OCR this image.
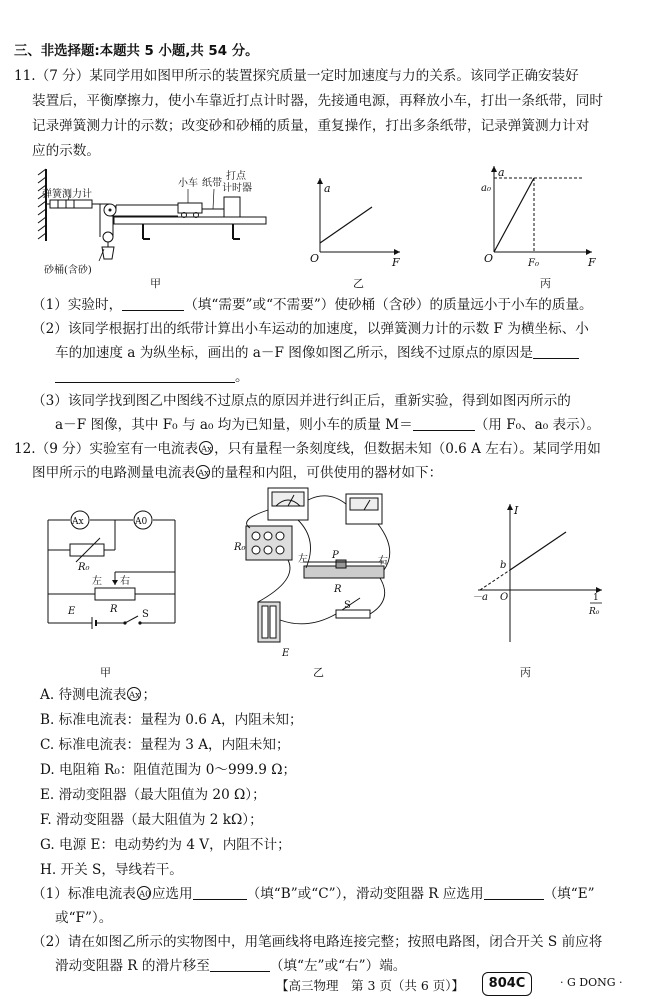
三、非选择题:本题共 5 小题,共 54 分。
11.（7 分）某同学用如图甲所示的装置探究质量一定时加速度与力的关系。该同学正确安装好
装置后，平衡摩擦力，使小车靠近打点计时器，先接通电源，再释放小车，打出一条纸带，同时
记录弹簧测力计的示数；改变砂和砂桶的质量，重复操作，打出多条纸带，记录弹簧测力计对
应的示数。
弹簧测力计
小车 纸带
打点
计时器
砂桶(含砂)
甲
a
F
O
乙
a
a₀
F₀	F
O
丙
（1）实验时，	（填“需要”或“不需要”）使砂桶（含砂）的质量远小于小车的质量。
（2）该同学根据打出的纸带计算出小车运动的加速度，以弹簧测力计的示数 F 为横坐标、小
车的加速度 a 为纵坐标，画出的 a－F 图像如图乙所示，图线不过原点的原因是
。
（3）该同学找到图乙中图线不过原点的原因并进行纠正后，重新实验，得到如图丙所示的
a－F 图像，其中 F₀ 与 a₀ 均为已知量，则小车的质量 M＝	（用 F₀、a₀ 表示）。
12.（9 分）实验室有一电流表 Ax ，只有量程一条刻度线，但数据未知（0.6 A 左右）。某同学用如
图甲所示的电路测量电流表 Ax 的量程和内阻，可供使用的器材如下：
Ax	A0
R₀
左 右
R
E	S
甲
R₀
左 P
右
R
S
E
乙
I
b
－a O	1
R₀
丙
A. 待测电流表 Ax ；
B. 标准电流表：量程为 0.6 A，内阻未知；
C. 标准电流表：量程为 3 A，内阻未知；
D. 电阻箱 R₀：阻值范围为 0～999.9 Ω；
E. 滑动变阻器（最大阻值为 20 Ω）；
F. 滑动变阻器（最大阻值为 2 kΩ）；
G. 电源 E：电动势约为 4 V，内阻不计；
H. 开关 S，导线若干。
（1）标准电流表 A0 应选用	（填“B”或“C”），滑动变阻器 R 应选用	（填“E”
或“F”）。
（2）请在如图乙所示的实物图中，用笔画线将电路连接完整；按照电路图，闭合开关 S 前应将
滑动变阻器 R 的滑片移至	（填“左”或“右”）端。
【高三物理　第 3 页（共 6 页）】	804C	· G DONG ·
